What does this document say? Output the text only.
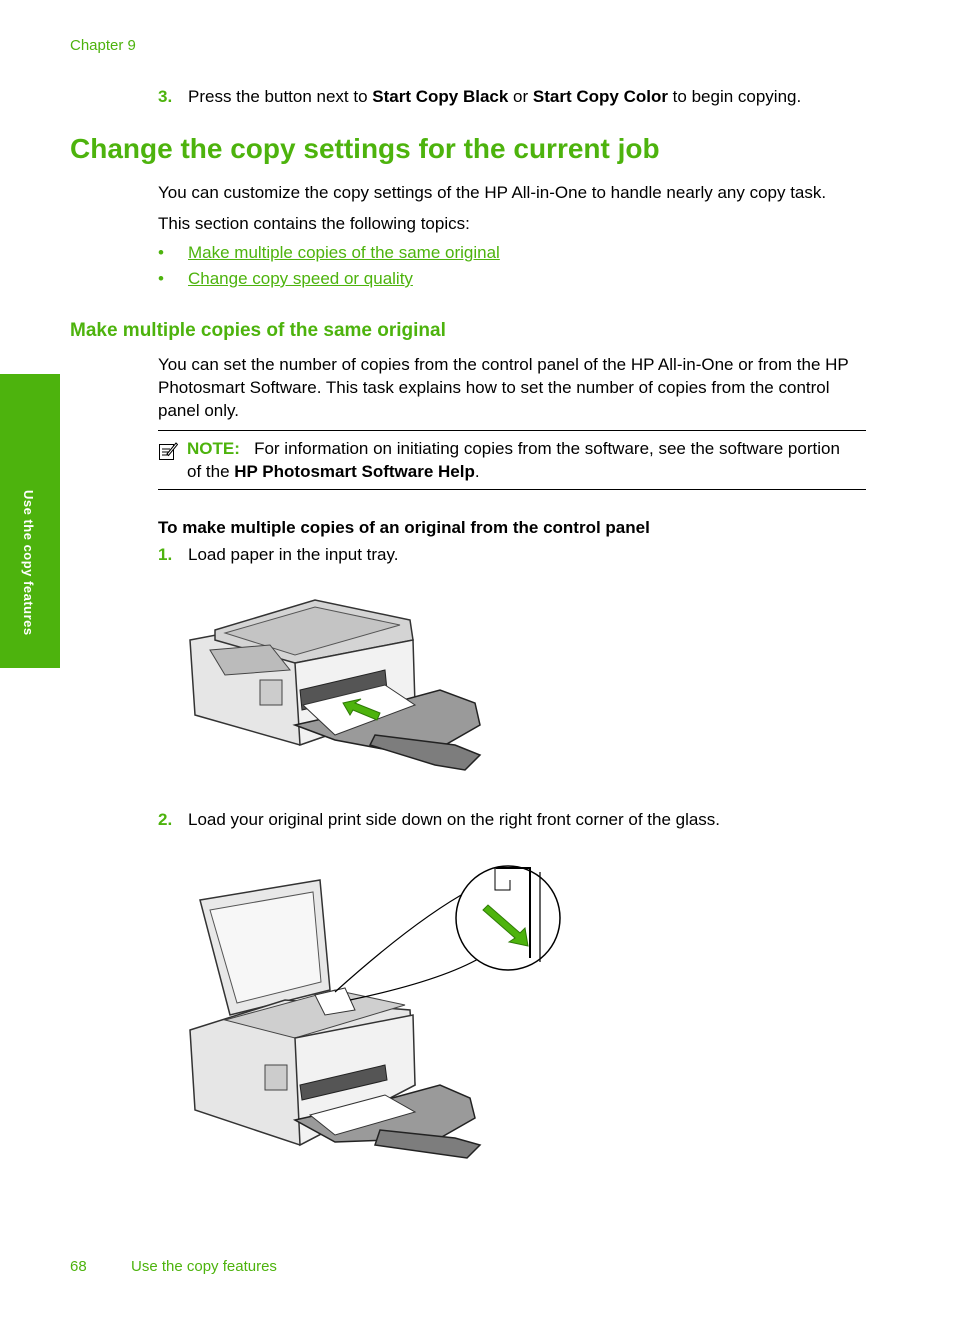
Chapter 9
3. Press the button next to Start Copy Black or Start Copy Color to begin copying.
Change the copy settings for the current job
You can customize the copy settings of the HP All-in-One to handle nearly any copy task.
This section contains the following topics:
• Make multiple copies of the same original
• Change copy speed or quality
Make multiple copies of the same original
You can set the number of copies from the control panel of the HP All-in-One or from the HP Photosmart Software. This task explains how to set the number of copies from the control panel only.
NOTE: For information on initiating copies from the software, see the software portion of the HP Photosmart Software Help.
To make multiple copies of an original from the control panel
1. Load paper in the input tray.
2. Load your original print side down on the right front corner of the glass.
Use the copy features
68	Use the copy features
